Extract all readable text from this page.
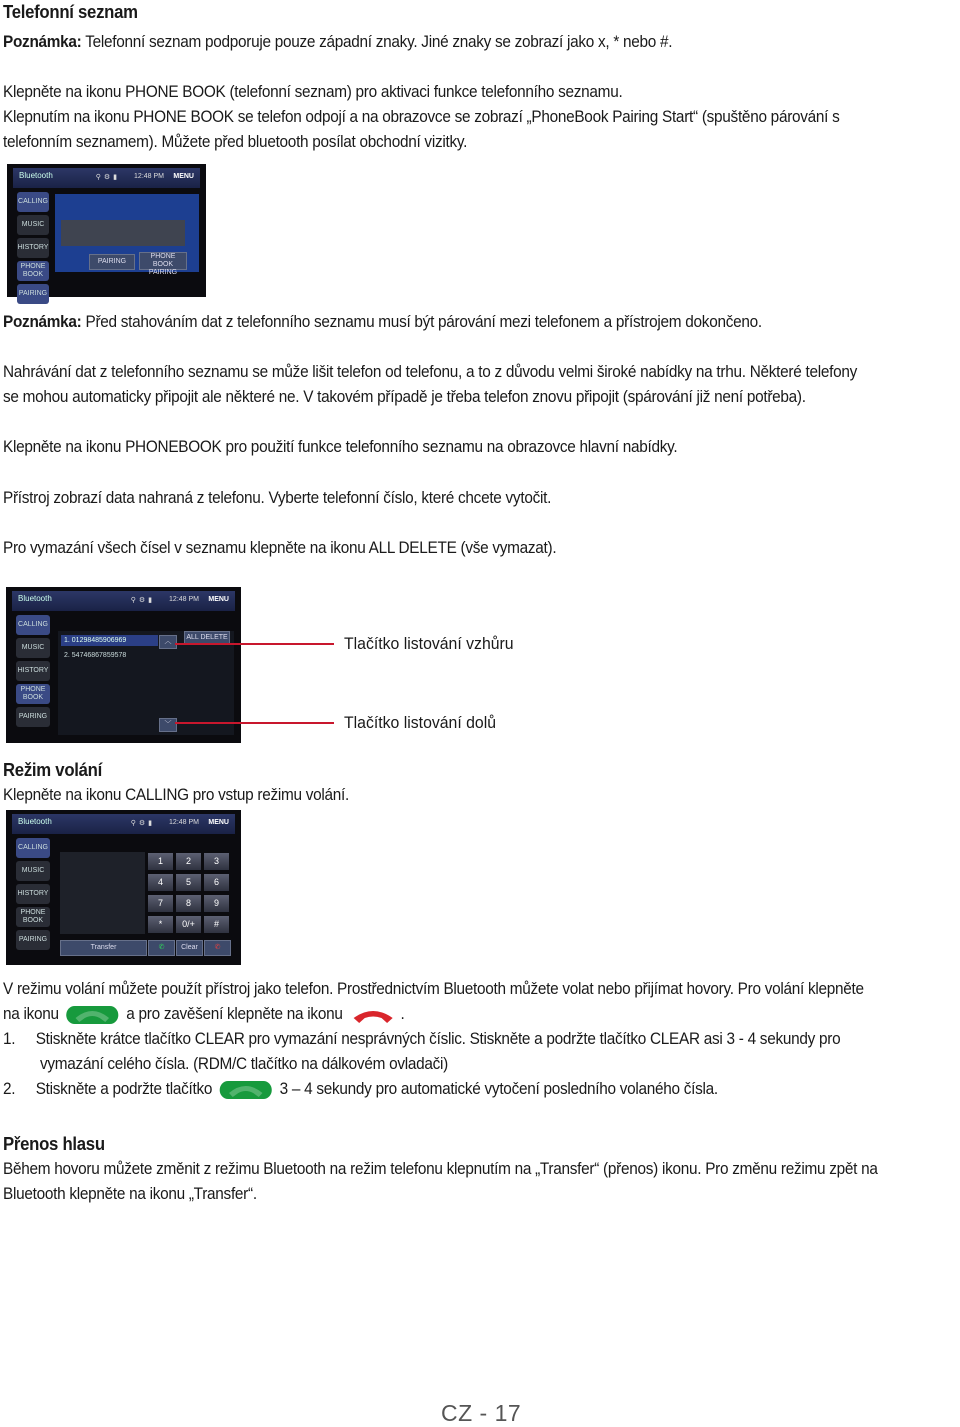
Telefonní seznam
Poznámka: Telefonní seznam podporuje pouze západní znaky. Jiné znaky se zobrazí jako x, * nebo #.
Klepněte na ikonu PHONE BOOK (telefonní seznam) pro aktivaci funkce telefonního seznamu.
Klepnutím na ikonu PHONE BOOK se telefon odpojí a na obrazovce se zobrazí „PhoneBook Pairing Start“ (spuštěno párování s
telefonním seznamem). Můžete před bluetooth posílat obchodní vizitky.
Bluetooth	⚲⚙▮ 12:48 PM MENU
CALLING
MUSIC
HISTORY
PHONE BOOK
PAIRING
PAIRING
PHONE BOOK PAIRING
Poznámka: Před stahováním dat z telefonního seznamu musí být párování mezi telefonem a přístrojem dokončeno.
Nahrávání dat z telefonního seznamu se může lišit telefon od telefonu, a to z důvodu velmi široké nabídky na trhu. Některé telefony
se mohou automaticky připojit ale některé ne. V takovém případě je třeba telefon znovu připojit (spárování již není potřeba).
Klepněte na ikonu PHONEBOOK pro použití funkce telefonního seznamu na obrazovce hlavní nabídky.
Přístroj zobrazí data nahraná z telefonu. Vyberte telefonní číslo, které chcete vytočit.
Pro vymazání všech čísel v seznamu klepněte na ikonu ALL DELETE (vše vymazat).
Bluetooth	⚲⚙▮ 12:48 PM MENU
CALLING
MUSIC
HISTORY
PHONE BOOK
PAIRING
1. 01298485906969
2. 54746867859578
ALL DELETE
︿
﹀
Tlačítko listování vzhůru
Tlačítko listování dolů
Režim volání
Klepněte na ikonu CALLING pro vstup režimu volání.
Bluetooth	⚲⚙▮ 12:48 PM MENU
CALLING
MUSIC
HISTORY
PHONE BOOK
PAIRING
1	2	3
4	5	6
7	8	9
*	0/+	#
Transfer	✆	Clear	✆
V režimu volání můžete použít přístroj jako telefon. Prostřednictvím Bluetooth můžete volat nebo přijímat hovory. Pro volání klepněte
na ikonu	a pro zavěšení klepněte na ikonu	.
1. Stiskněte krátce tlačítko CLEAR pro vymazání nesprávných číslic. Stiskněte a podržte tlačítko CLEAR asi 3 - 4 sekundy pro
vymazání celého čísla. (RDM/C tlačítko na dálkovém ovladači)
2. Stiskněte a podržte tlačítko	3 – 4 sekundy pro automatické vytočení posledního volaného čísla.
Přenos hlasu
Během hovoru můžete změnit z režimu Bluetooth na režim telefonu klepnutím na „Transfer“ (přenos) ikonu. Pro změnu režimu zpět na
Bluetooth klepněte na ikonu „Transfer“.
CZ - 17
